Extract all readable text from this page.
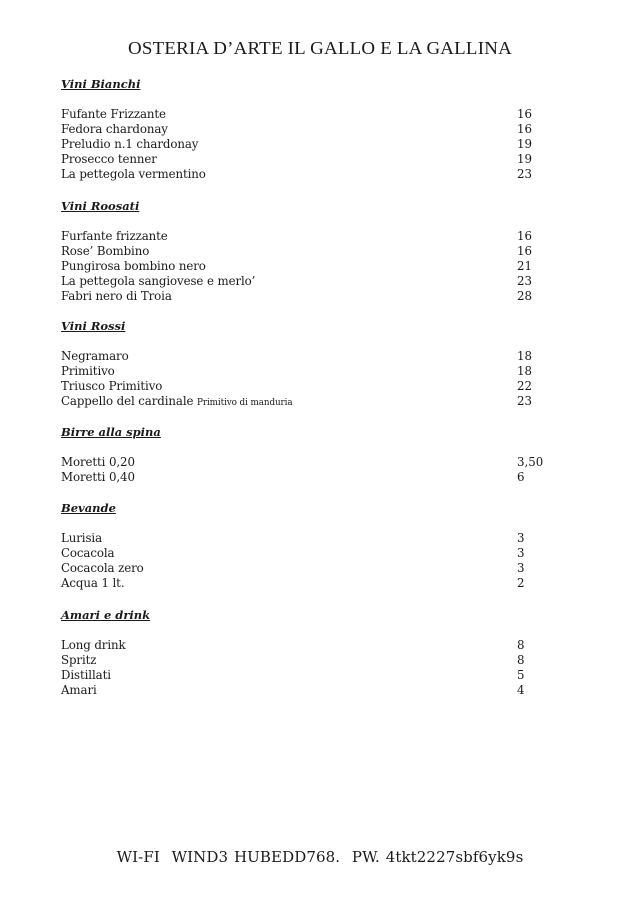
OSTERIA D’ARTE IL GALLO E LA GALLINA
Vini Bianchi
Fufante Frizzante	16
Fedora chardonay	16
Preludio n.1 chardonay	19
Prosecco tenner	19
La pettegola vermentino	23
Vini Roosati
Furfante frizzante	16
Rose’ Bombino	16
Pungirosa bombino nero	21
La pettegola sangiovese e merlo’	23
Fabri nero di Troia	28
Vini Rossi
Negramaro	18
Primitivo	18
Triusco Primitivo	22
Cappello del cardinale Primitivo di manduria	23
Birre alla spina
Moretti 0,20	3,50
Moretti 0,40	6
Bevande
Lurisia	3
Cocacola	3
Cocacola zero	3
Acqua 1 lt.	2
Amari e drink
Long drink	8
Spritz	8
Distillati	5
Amari	4
WI-FI  WIND3 HUBEDD768.  PW. 4tkt2227sbf6yk9s
